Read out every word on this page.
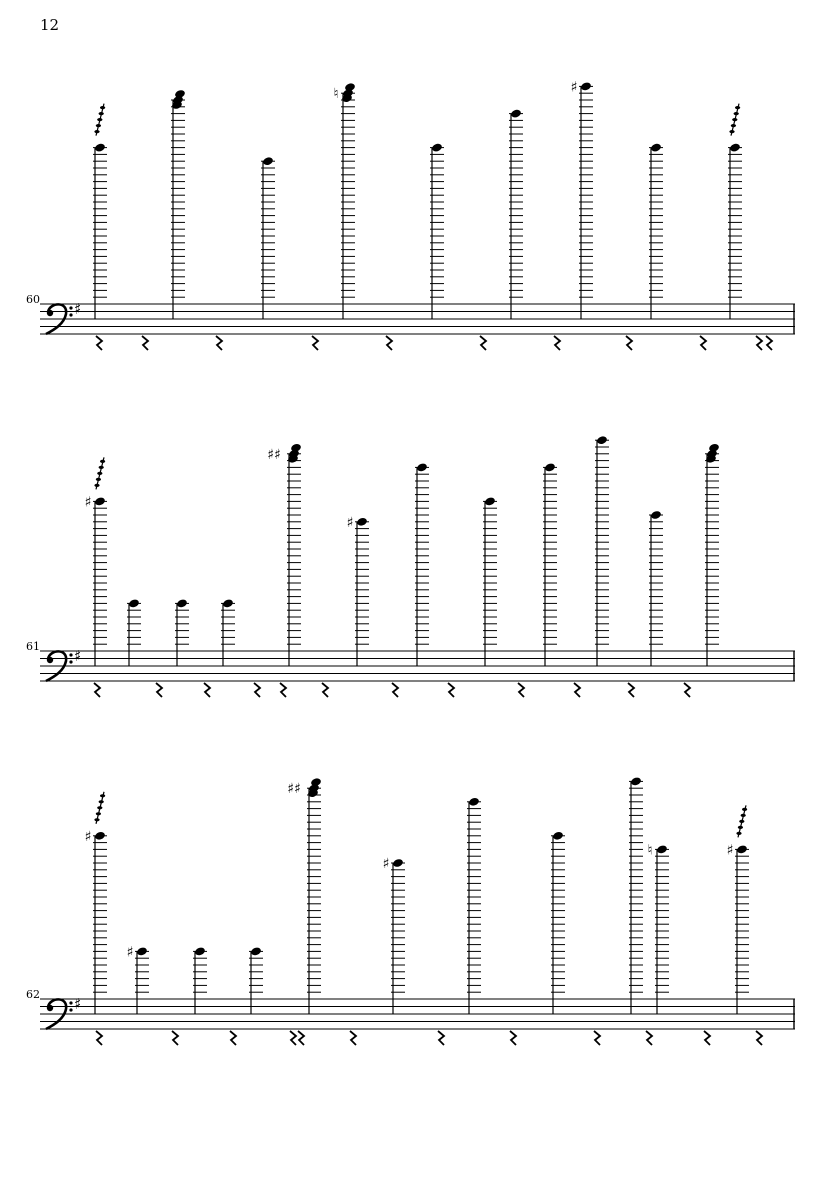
12
60
61
62
♯
♮	♯
♯
♯
♯♯
♯
♯
♯
♯
♯♯
♯
♮	♯
